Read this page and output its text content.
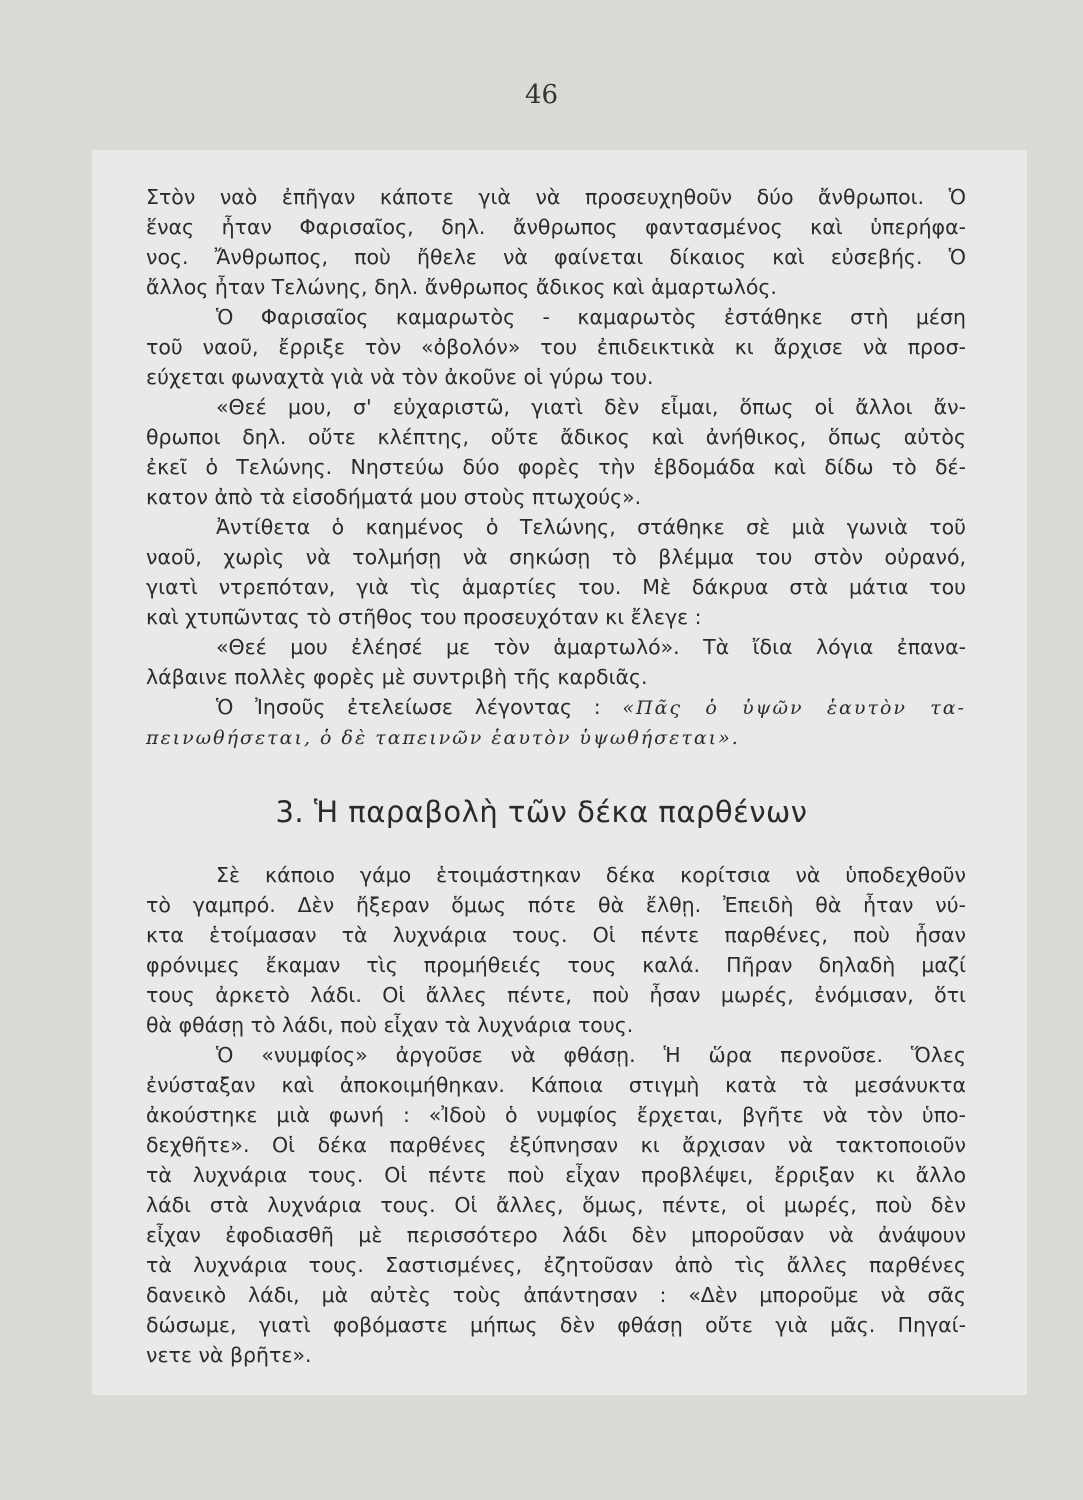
46
Στὸν ναὸ ἐπῆγαν κάποτε γιὰ νὰ προσευχηθοῦν δύο ἄνθρωποι. Ὁ
ἕνας ἦταν Φαρισαῖος, δηλ. ἄνθρωπος φαντασμένος καὶ ὑπερήφα-
νος. Ἄνθρωπος, ποὺ ἤθελε νὰ φαίνεται δίκαιος καὶ εὐσεβής. Ὁ
ἄλλος ἦταν Τελώνης, δηλ. ἄνθρωπος ἄδικος καὶ ἁμαρτωλός.
Ὁ Φαρισαῖος καμαρωτὸς - καμαρωτὸς ἐστάθηκε στὴ μέση
τοῦ ναοῦ, ἔρριξε τὸν «ὀβολόν» του ἐπιδεικτικὰ κι ἄρχισε νὰ προσ-
εύχεται φωναχτὰ γιὰ νὰ τὸν ἀκοῦνε οἱ γύρω του.
«Θεέ μου, σ' εὐχαριστῶ, γιατὶ δὲν εἶμαι, ὅπως οἱ ἄλλοι ἄν-
θρωποι δηλ. οὔτε κλέπτης, οὔτε ἄδικος καὶ ἀνήθικος, ὅπως αὐτὸς
ἐκεῖ ὁ Τελώνης. Νηστεύω δύο φορὲς τὴν ἑβδομάδα καὶ δίδω τὸ δέ-
κατον ἀπὸ τὰ εἰσοδήματά μου στοὺς πτωχούς».
Ἀντίθετα ὁ καημένος ὁ Τελώνης, στάθηκε σὲ μιὰ γωνιὰ τοῦ
ναοῦ, χωρὶς νὰ τολμήσῃ νὰ σηκώσῃ τὸ βλέμμα του στὸν οὐρανό,
γιατὶ ντρεπόταν, γιὰ τὶς ἁμαρτίες του. Μὲ δάκρυα στὰ μάτια του
καὶ χτυπῶντας τὸ στῆθος του προσευχόταν κι ἔλεγε :
«Θεέ μου ἐλέησέ με τὸν ἁμαρτωλό». Τὰ ἴδια λόγια ἐπανα-
λάβαινε πολλὲς φορὲς μὲ συντριβὴ τῆς καρδιᾶς.
Ὁ Ἰησοῦς ἐτελείωσε λέγοντας : «Πᾶς ὁ ὑψῶν ἑαυτὸν τα-
πεινωθήσεται, ὁ δὲ ταπεινῶν ἑαυτὸν ὑψωθήσεται».
3. Ἡ παραβολὴ τῶν δέκα παρθένων
Σὲ κάποιο γάμο ἑτοιμάστηκαν δέκα κορίτσια νὰ ὑποδεχθοῦν
τὸ γαμπρό. Δὲν ἤξεραν ὅμως πότε θὰ ἔλθῃ. Ἐπειδὴ θὰ ἦταν νύ-
κτα ἑτοίμασαν τὰ λυχνάρια τους. Οἱ πέντε παρθένες, ποὺ ἦσαν
φρόνιμες ἔκαμαν τὶς προμήθειές τους καλά. Πῆραν δηλαδὴ μαζί
τους ἀρκετὸ λάδι. Οἱ ἄλλες πέντε, ποὺ ἦσαν μωρές, ἐνόμισαν, ὅτι
θὰ φθάσῃ τὸ λάδι, ποὺ εἶχαν τὰ λυχνάρια τους.
Ὁ «νυμφίος» ἀργοῦσε νὰ φθάσῃ. Ἡ ὥρα περνοῦσε. Ὅλες
ἐνύσταξαν καὶ ἀποκοιμήθηκαν. Κάποια στιγμὴ κατὰ τὰ μεσάνυκτα
ἀκούστηκε μιὰ φωνή : «Ἰδοὺ ὁ νυμφίος ἔρχεται, βγῆτε νὰ τὸν ὑπο-
δεχθῆτε». Οἱ δέκα παρθένες ἐξύπνησαν κι ἄρχισαν νὰ τακτοποιοῦν
τὰ λυχνάρια τους. Οἱ πέντε ποὺ εἶχαν προβλέψει, ἔρριξαν κι ἄλλο
λάδι στὰ λυχνάρια τους. Οἱ ἄλλες, ὅμως, πέντε, οἱ μωρές, ποὺ δὲν
εἶχαν ἐφοδιασθῆ μὲ περισσότερο λάδι δὲν μποροῦσαν νὰ ἀνάψουν
τὰ λυχνάρια τους. Σαστισμένες, ἐζητοῦσαν ἀπὸ τὶς ἄλλες παρθένες
δανεικὸ λάδι, μὰ αὐτὲς τοὺς ἀπάντησαν : «Δὲν μποροῦμε νὰ σᾶς
δώσωμε, γιατὶ φοβόμαστε μήπως δὲν φθάσῃ οὔτε γιὰ μᾶς. Πηγαί-
νετε νὰ βρῆτε».
